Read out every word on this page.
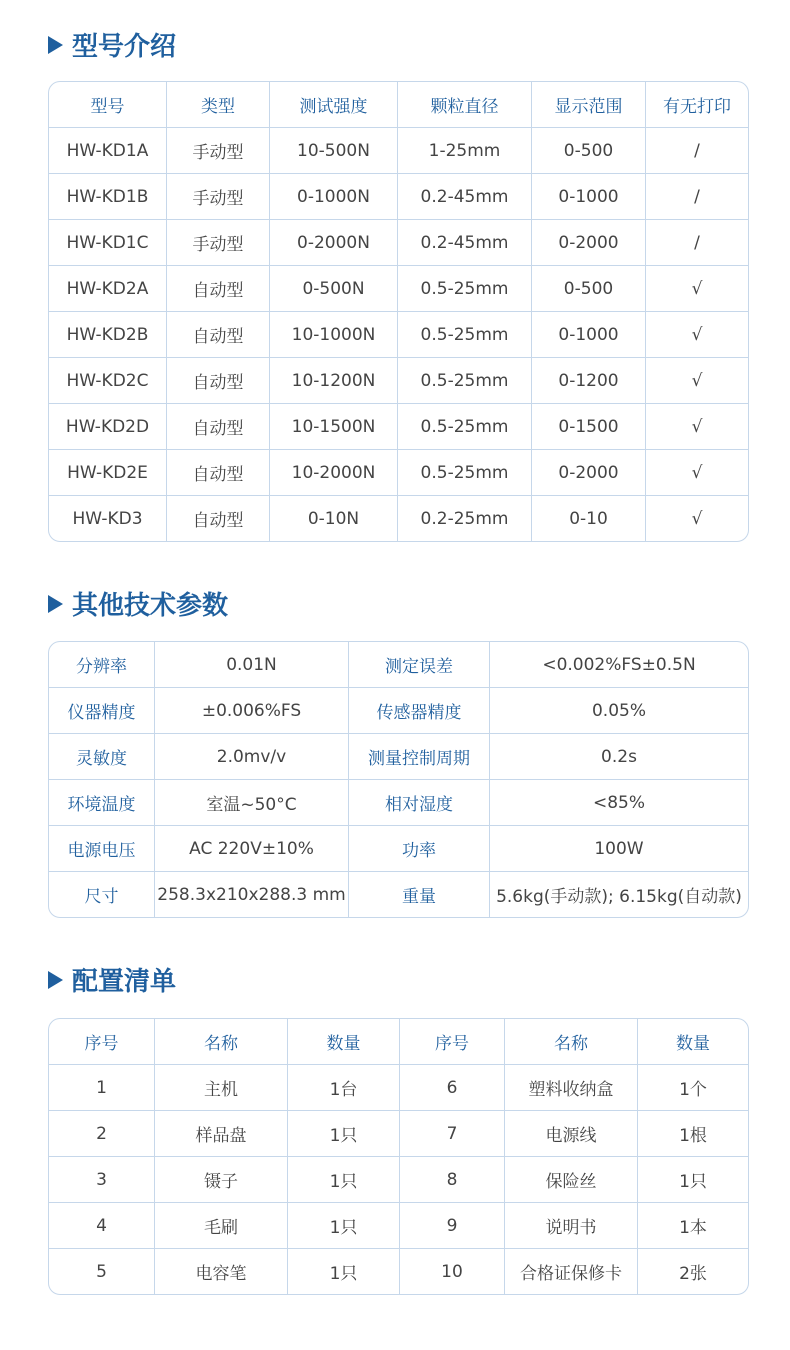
型号介绍
型号	类型	测试强度	颗粒直径	显示范围	有无打印
HW-KD1A	手动型	10-500N	1-25mm	0-500	/
HW-KD1B	手动型	0-1000N	0.2-45mm	0-1000	/
HW-KD1C	手动型	0-2000N	0.2-45mm	0-2000	/
HW-KD2A	自动型	0-500N	0.5-25mm	0-500	√
HW-KD2B	自动型	10-1000N	0.5-25mm	0-1000	√
HW-KD2C	自动型	10-1200N	0.5-25mm	0-1200	√
HW-KD2D	自动型	10-1500N	0.5-25mm	0-1500	√
HW-KD2E	自动型	10-2000N	0.5-25mm	0-2000	√
HW-KD3	自动型	0-10N	0.2-25mm	0-10	√
其他技术参数
分辨率	0.01N	测定误差	<0.002%FS±0.5N
仪器精度	±0.006%FS	传感器精度	0.05%
灵敏度	2.0mv/v	测量控制周期	0.2s
环境温度	室温~50°C	相对湿度	<85%
电源电压	AC 220V±10%	功率	100W
尺寸	258.3x210x288.3 mm	重量	5.6kg(手动款); 6.15kg(自动款)
配置清单
序号	名称	数量	序号	名称	数量
1	主机	1台	6	塑料收纳盒	1个
2	样品盘	1只	7	电源线	1根
3	镊子	1只	8	保险丝	1只
4	毛刷	1只	9	说明书	1本
5	电容笔	1只	10	合格证保修卡	2张
